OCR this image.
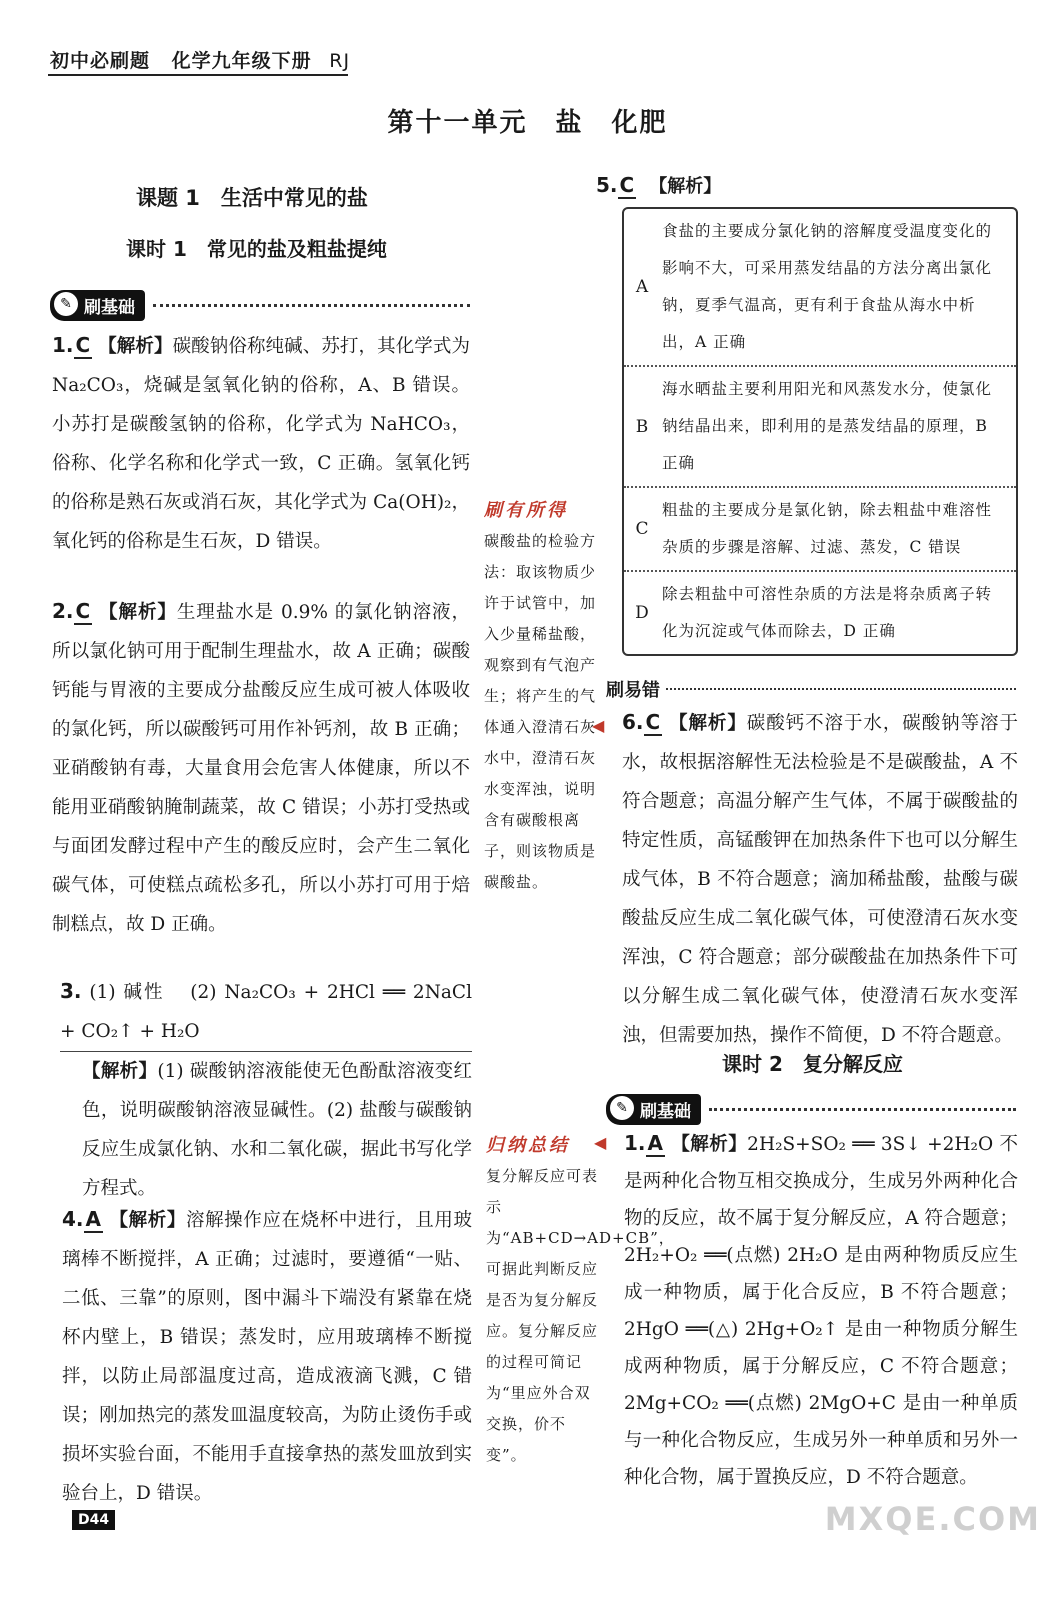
初中必刷题 化学九年级下册 RJ
第十一单元　盐　化肥
课题 1　生活中常见的盐
课时 1　常见的盐及粗盐提纯
✎ 刷基础
1. C 【解析】碳酸钠俗称纯碱、苏打，其化学式为 Na₂CO₃，烧碱是氢氧化钠的俗称，A、B 错误。小苏打是碳酸氢钠的俗称，化学式为 NaHCO₃，俗称、化学名称和化学式一致，C 正确。氢氧化钙的俗称是熟石灰或消石灰，其化学式为 Ca(OH)₂，氧化钙的俗称是生石灰，D 错误。
2. C 【解析】生理盐水是 0.9% 的氯化钠溶液，所以氯化钠可用于配制生理盐水，故 A 正确；碳酸钙能与胃液的主要成分盐酸反应生成可被人体吸收的氯化钙，所以碳酸钙可用作补钙剂，故 B 正确；亚硝酸钠有毒，大量食用会危害人体健康，所以不能用亚硝酸钠腌制蔬菜，故 C 错误；小苏打受热或与面团发酵过程中产生的酸反应时，会产生二氧化碳气体，可使糕点疏松多孔，所以小苏打可用于焙制糕点，故 D 正确。
3. (1) 碱性 (2) Na₂CO₃ + 2HCl ══ 2NaCl + CO₂↑ + H₂O
【解析】(1) 碳酸钠溶液能使无色酚酞溶液变红色，说明碳酸钠溶液显碱性。(2) 盐酸与碳酸钠反应生成氯化钠、水和二氧化碳，据此书写化学方程式。
4. A 【解析】溶解操作应在烧杯中进行，且用玻璃棒不断搅拌，A 正确；过滤时，要遵循“一贴、二低、三靠”的原则，图中漏斗下端没有紧靠在烧杯内壁上，B 错误；蒸发时，应用玻璃棒不断搅拌，以防止局部温度过高，造成液滴飞溅，C 错误；刚加热完的蒸发皿温度较高，为防止烫伤手或损坏实验台面，不能用手直接拿热的蒸发皿放到实验台上，D 错误。
刷有所得
碳酸盐的检验方法：取该物质少许于试管中，加入少量稀盐酸，观察到有气泡产生；将产生的气体通入澄清石灰水中，澄清石灰水变浑浊，说明含有碳酸根离子，则该物质是碳酸盐。
◀
归纳总结
复分解反应可表示为“AB+CD→AD+CB”，可据此判断反应是否为复分解反应。复分解反应的过程可简记为“里应外合双交换，价不变”。
◀
5. C 【解析】
A
食盐的主要成分氯化钠的溶解度受温度变化的影响不大，可采用蒸发结晶的方法分离出氯化钠，夏季气温高，更有利于食盐从海水中析出，A 正确
B
海水晒盐主要利用阳光和风蒸发水分，使氯化钠结晶出来，即利用的是蒸发结晶的原理，B 正确
C
粗盐的主要成分是氯化钠，除去粗盐中难溶性杂质的步骤是溶解、过滤、蒸发，C 错误
D
除去粗盐中可溶性杂质的方法是将杂质离子转化为沉淀或气体而除去，D 正确
刷易错
6. C 【解析】碳酸钙不溶于水，碳酸钠等溶于水，故根据溶解性无法检验是不是碳酸盐，A 不符合题意；高温分解产生气体，不属于碳酸盐的特定性质，高锰酸钾在加热条件下也可以分解生成气体，B 不符合题意；滴加稀盐酸，盐酸与碳酸盐反应生成二氧化碳气体，可使澄清石灰水变浑浊，C 符合题意；部分碳酸盐在加热条件下可以分解生成二氧化碳气体，使澄清石灰水变浑浊，但需要加热，操作不简便，D 不符合题意。
课时 2　复分解反应
✎ 刷基础
1. A 【解析】2H₂S+SO₂ ══ 3S↓ +2H₂O 不是两种化合物互相交换成分，生成另外两种化合物的反应，故不属于复分解反应，A 符合题意；2H₂+O₂ ══(点燃) 2H₂O 是由两种物质反应生成一种物质，属于化合反应，B 不符合题意；2HgO ══(△) 2Hg+O₂↑ 是由一种物质分解生成两种物质，属于分解反应，C 不符合题意；2Mg+CO₂ ══(点燃) 2MgO+C 是由一种单质与一种化合物反应，生成另外一种单质和另外一种化合物，属于置换反应，D 不符合题意。
D44	MXQE.COM
